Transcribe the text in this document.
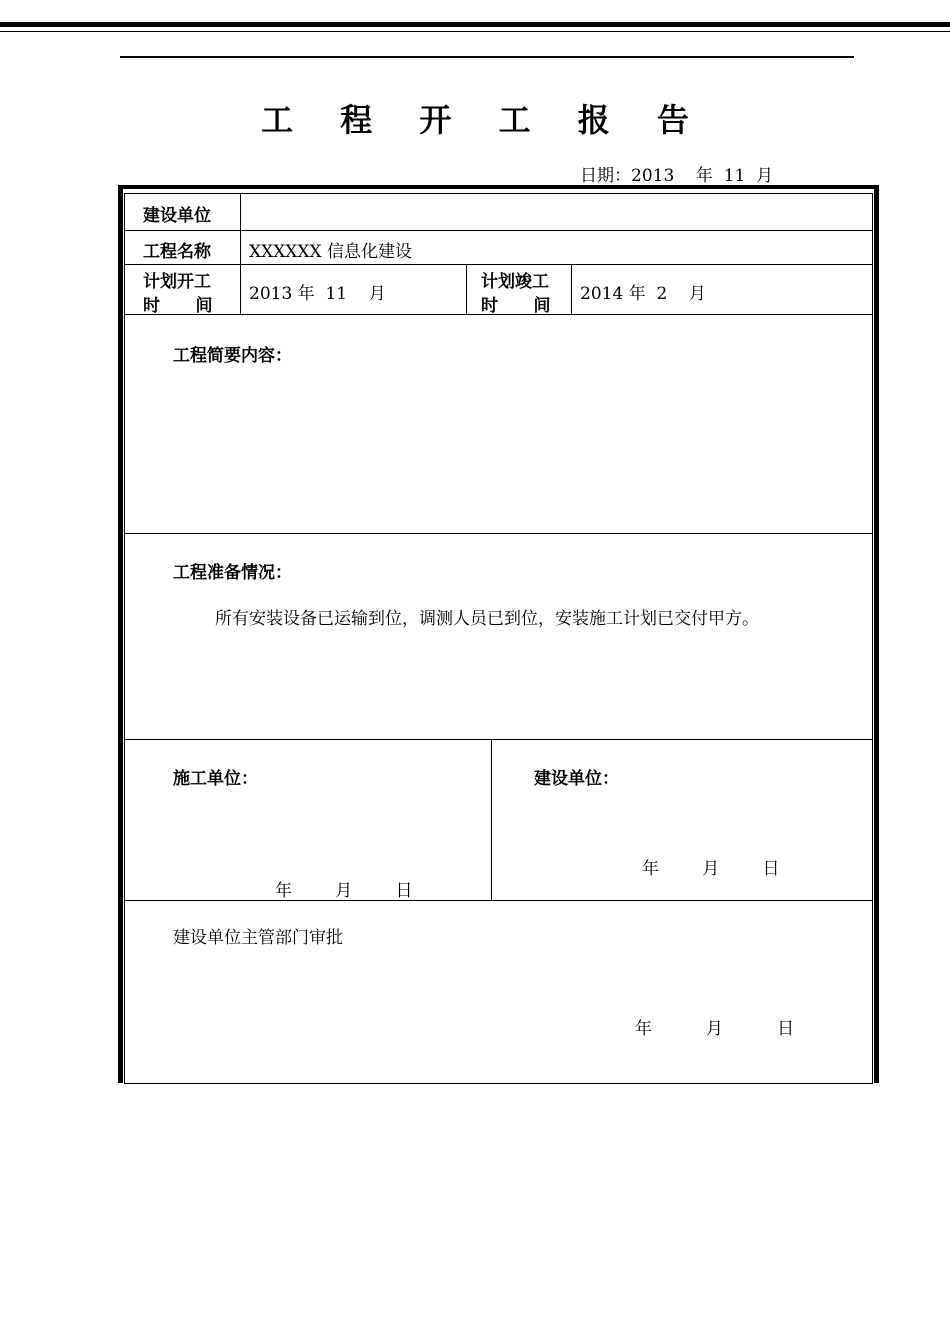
工 程 开 工 报 告
日期：2013 年 11 月
建设单位
工程名称 XXXXXX 信息化建设
计划开工
时      间
2013 年  11    月
计划竣工
时      间
2014 年  2    月
工程简要内容：
工程准备情况：
所有安装设备已运输到位，调测人员已到位，安装施工计划已交付甲方。
施工单位：
年        月        日
建设单位：
年        月        日
建设单位主管部门审批
年          月          日
